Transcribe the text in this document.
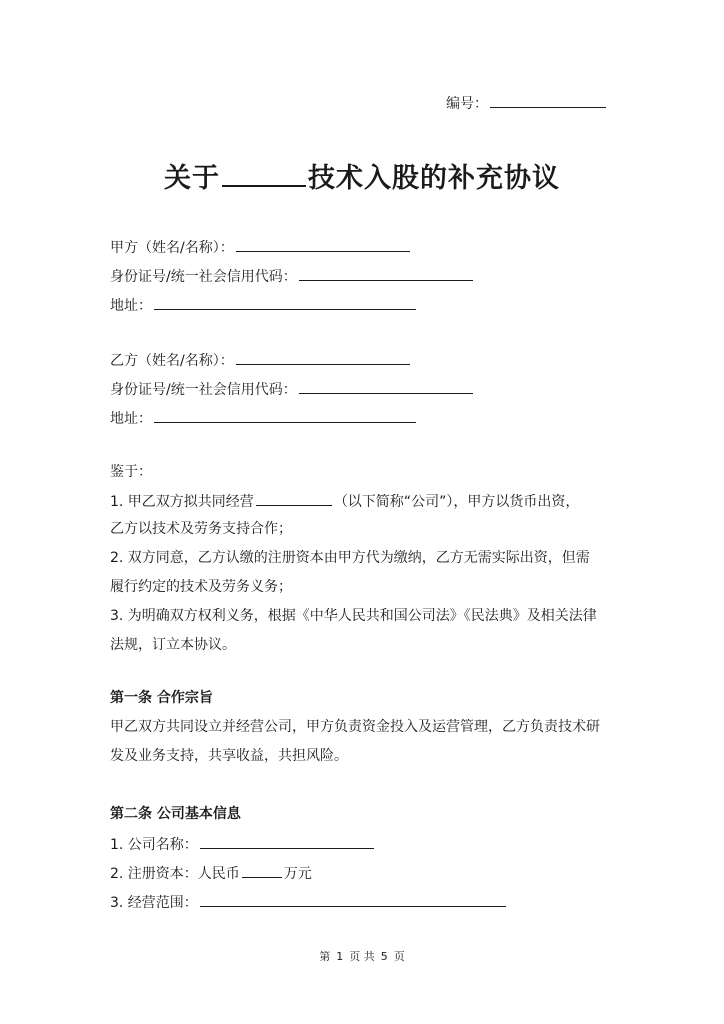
编号：
关于	技术入股的补充协议
甲方（姓名/名称）：
身份证号/统一社会信用代码：
地址：
乙方（姓名/名称）：
身份证号/统一社会信用代码：
地址：
鉴于：
1. 甲乙双方拟共同经营	（以下简称“公司”），甲方以货币出资，
乙方以技术及劳务支持合作；
2. 双方同意，乙方认缴的注册资本由甲方代为缴纳，乙方无需实际出资，但需
履行约定的技术及劳务义务；
3. 为明确双方权利义务，根据《中华人民共和国公司法》《民法典》及相关法律
法规，订立本协议。
第一条 合作宗旨
甲乙双方共同设立并经营公司，甲方负责资金投入及运营管理，乙方负责技术研
发及业务支持，共享收益，共担风险。
第二条 公司基本信息
1. 公司名称：
2. 注册资本：人民币	万元
3. 经营范围：
第 1 页 共 5 页
